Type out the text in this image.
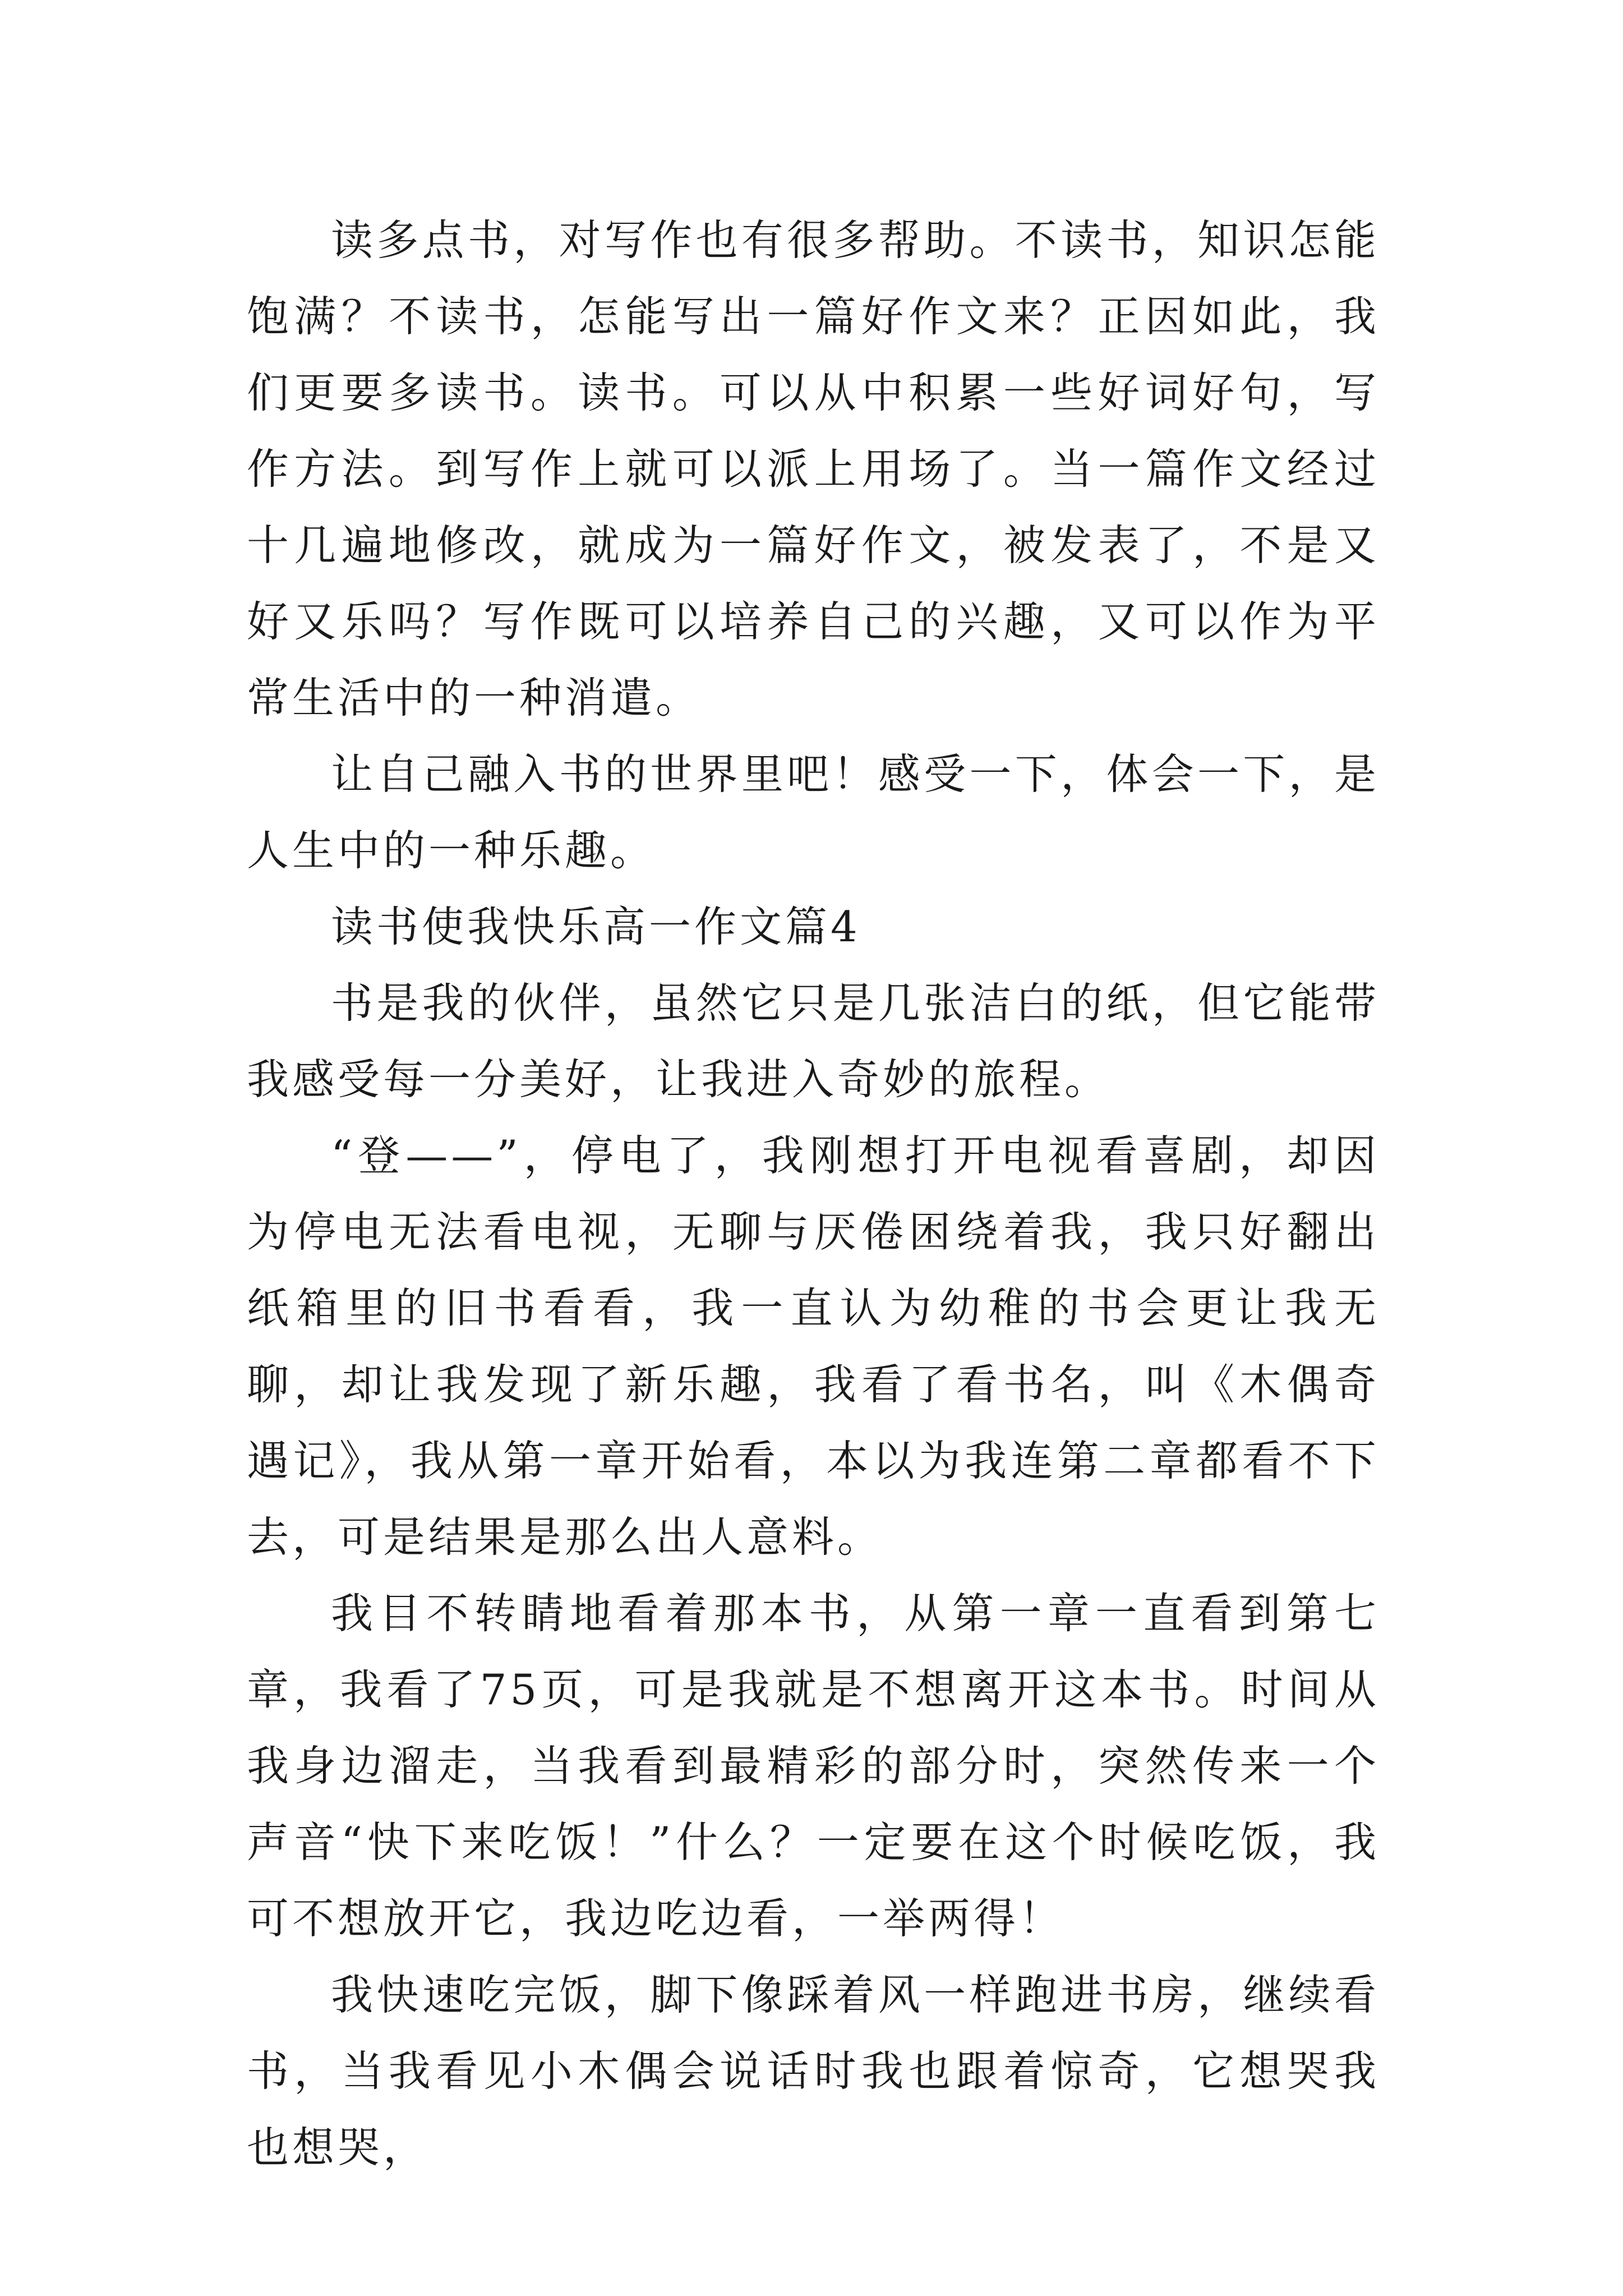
读多点书，对写作也有很多帮助。不读书，知识怎能饱满？不读书，怎能写出一篇好作文来？正因如此，我们更要多读书。读书。可以从中积累一些好词好句，写作方法。到写作上就可以派上用场了。当一篇作文经过十几遍地修改，就成为一篇好作文，被发表了，不是又好又乐吗？写作既可以培养自己的兴趣，又可以作为平常生活中的一种消遣。

让自己融入书的世界里吧！感受一下，体会一下，是人生中的一种乐趣。

读书使我快乐高一作文篇4

书是我的伙伴，虽然它只是几张洁白的纸，但它能带我感受每一分美好，让我进入奇妙的旅程。

“登——”，停电了，我刚想打开电视看喜剧，却因为停电无法看电视，无聊与厌倦困绕着我，我只好翻出纸箱里的旧书看看，我一直认为幼稚的书会更让我无聊，却让我发现了新乐趣，我看了看书名，叫《木偶奇遇记》，我从第一章开始看，本以为我连第二章都看不下去，可是结果是那么出人意料。

我目不转睛地看着那本书，从第一章一直看到第七章，我看了75页，可是我就是不想离开这本书。时间从我身边溜走，当我看到最精彩的部分时，突然传来一个声音“快下来吃饭！”什么？一定要在这个时候吃饭，我可不想放开它，我边吃边看，一举两得！

我快速吃完饭，脚下像踩着风一样跑进书房，继续看书，当我看见小木偶会说话时我也跟着惊奇，它想哭我也想哭，
